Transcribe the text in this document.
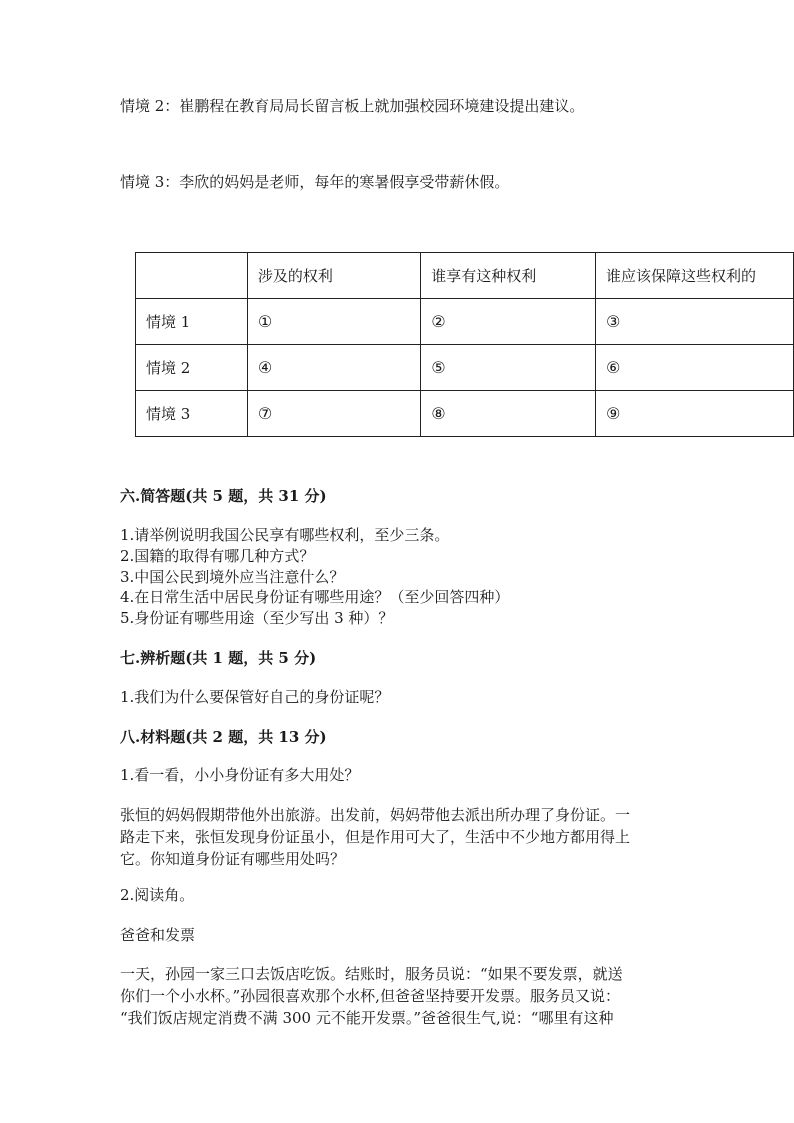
情境 2：崔鹏程在教育局局长留言板上就加强校园环境建设提出建议。
情境 3：李欣的妈妈是老师，每年的寒暑假享受带薪休假。
	涉及的权利	谁享有这种权利	谁应该保障这些权利的
情境 1	①	②	③
情境 2	④	⑤	⑥
情境 3	⑦	⑧	⑨
六.简答题(共 5 题，共 31 分)
1.请举例说明我国公民享有哪些权利，至少三条。
2.国籍的取得有哪几种方式？
3.中国公民到境外应当注意什么？
4.在日常生活中居民身份证有哪些用途？（至少回答四种）
5.身份证有哪些用途（至少写出 3 种）？
七.辨析题(共 1 题，共 5 分)
1.我们为什么要保管好自己的身份证呢？
八.材料题(共 2 题，共 13 分)
1.看一看，小小身份证有多大用处？
张恒的妈妈假期带他外出旅游。出发前，妈妈带他去派出所办理了身份证。一
路走下来，张恒发现身份证虽小，但是作用可大了，生活中不少地方都用得上
它。你知道身份证有哪些用处吗？
2.阅读角。
爸爸和发票
一天，孙园一家三口去饭店吃饭。结账时，服务员说：“如果不要发票，就送
你们一个小水杯。”孙园很喜欢那个水杯,但爸爸坚持要开发票。服务员又说：
“我们饭店规定消费不满 300 元不能开发票。”爸爸很生气,说：“哪里有这种
